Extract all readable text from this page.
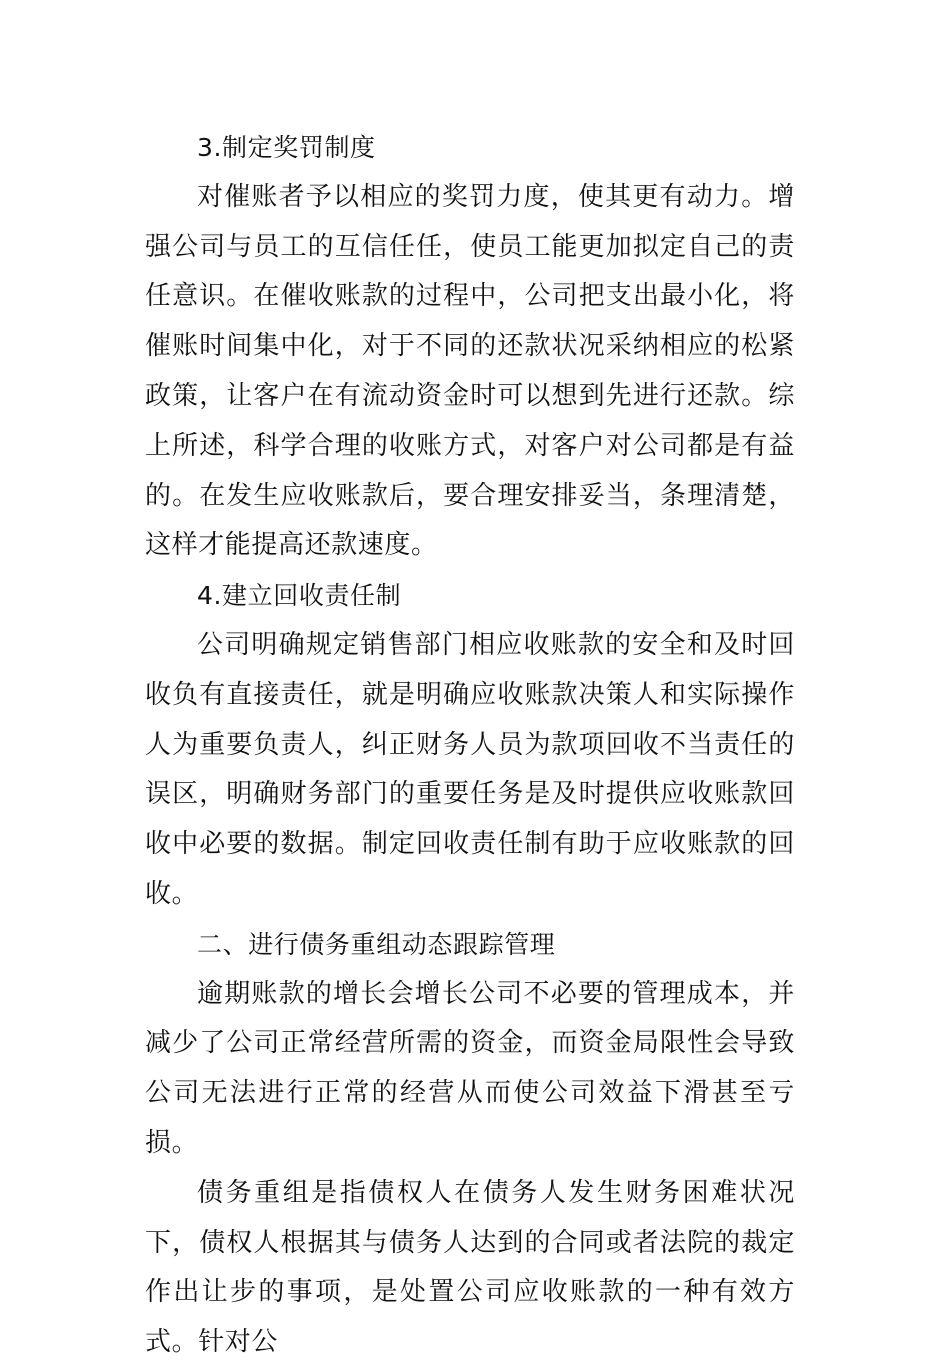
3.制定奖罚制度

对催账者予以相应的奖罚力度，使其更有动力。增强公司与员工的互信任任，使员工能更加拟定自己的责任意识。在催收账款的过程中，公司把支出最小化，将催账时间集中化，对于不同的还款状况采纳相应的松紧政策，让客户在有流动资金时可以想到先进行还款。综上所述，科学合理的收账方式，对客户对公司都是有益的。在发生应收账款后，要合理安排妥当，条理清楚，这样才能提高还款速度。

4.建立回收责任制

公司明确规定销售部门相应收账款的安全和及时回收负有直接责任，就是明确应收账款决策人和实际操作人为重要负责人，纠正财务人员为款项回收不当责任的误区，明确财务部门的重要任务是及时提供应收账款回收中必要的数据。制定回收责任制有助于应收账款的回收。

二、进行债务重组动态跟踪管理

逾期账款的增长会增长公司不必要的管理成本，并减少了公司正常经营所需的资金，而资金局限性会导致公司无法进行正常的经营从而使公司效益下滑甚至亏损。

债务重组是指债权人在债务人发生财务困难状况下，债权人根据其与债务人达到的合同或者法院的裁定作出让步的事项，是处置公司应收账款的一种有效方式。针对公
